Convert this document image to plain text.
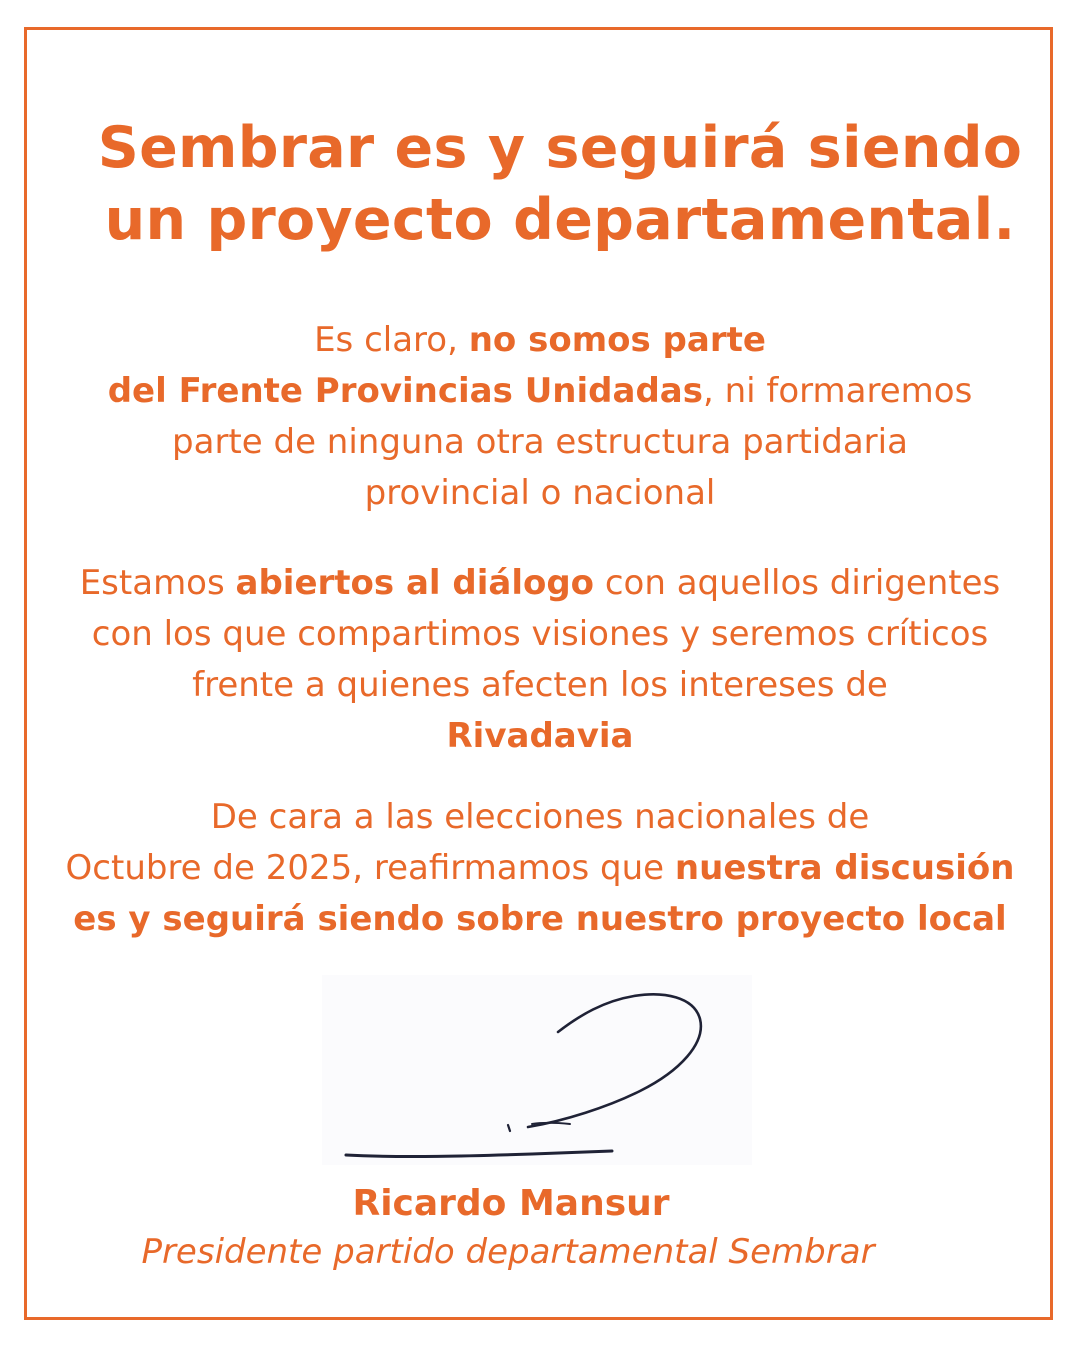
Sembrar es y seguirá siendo
un proyecto departamental.

Es claro, no somos parte
del Frente Provincias Unidadas, ni formaremos
parte de ninguna otra estructura partidaria
provincial o nacional

Estamos abiertos al diálogo con aquellos dirigentes
con los que compartimos visiones y seremos críticos
frente a quienes afecten los intereses de
Rivadavia

De cara a las elecciones nacionales de
Octubre de 2025, reafirmamos que nuestra discusión
es y seguirá siendo sobre nuestro proyecto local

Ricardo Mansur
Presidente partido departamental Sembrar
